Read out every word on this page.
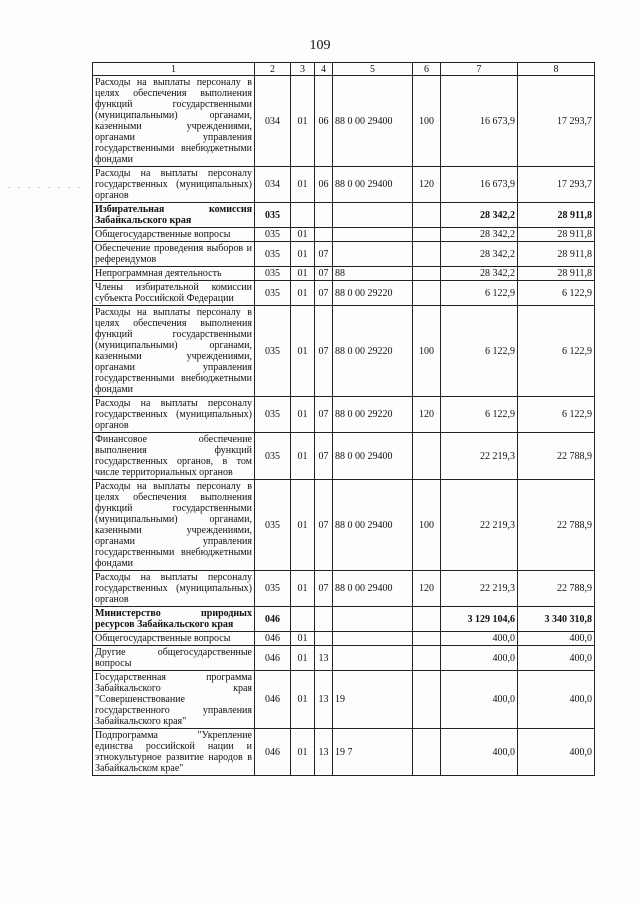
109
. . . . . . . .
1	2	3	4	5	6	7	8
Расходы на выплаты персоналу в целях обеспечения выполнения функций государственными (муниципальными) органами, казенными учреждениями, органами управления государственными внебюджетными фондами	034	01	06	88 0 00 29400	100	16 673,9	17 293,7
Расходы на выплаты персоналу государственных (муниципальных) органов	034	01	06	88 0 00 29400	120	16 673,9	17 293,7
Избирательная комиссия Забайкальского края	035					28 342,2	28 911,8
Общегосударственные вопросы	035	01				28 342,2	28 911,8
Обеспечение проведения выборов и референдумов	035	01	07			28 342,2	28 911,8
Непрограммная деятельность	035	01	07	88		28 342,2	28 911,8
Члены избирательной комиссии субъекта Российской Федерации	035	01	07	88 0 00 29220		6 122,9	6 122,9
Расходы на выплаты персоналу в целях обеспечения выполнения функций государственными (муниципальными) органами, казенными учреждениями, органами управления государственными внебюджетными фондами	035	01	07	88 0 00 29220	100	6 122,9	6 122,9
Расходы на выплаты персоналу государственных (муниципальных) органов	035	01	07	88 0 00 29220	120	6 122,9	6 122,9
Финансовое обеспечение выполнения функций государственных органов, в том числе территориальных органов	035	01	07	88 0 00 29400		22 219,3	22 788,9
Расходы на выплаты персоналу в целях обеспечения выполнения функций государственными (муниципальными) органами, казенными учреждениями, органами управления государственными внебюджетными фондами	035	01	07	88 0 00 29400	100	22 219,3	22 788,9
Расходы на выплаты персоналу государственных (муниципальных) органов	035	01	07	88 0 00 29400	120	22 219,3	22 788,9
Министерство природных ресурсов Забайкальского края	046					3 129 104,6	3 340 310,8
Общегосударственные вопросы	046	01				400,0	400,0
Другие общегосударственные вопросы	046	01	13			400,0	400,0
Государственная программа Забайкальского края "Совершенствование государственного управления Забайкальского края"	046	01	13	19		400,0	400,0
Подпрограмма "Укрепление единства российской нации и этнокультурное развитие народов в Забайкальском крае"	046	01	13	19 7		400,0	400,0
